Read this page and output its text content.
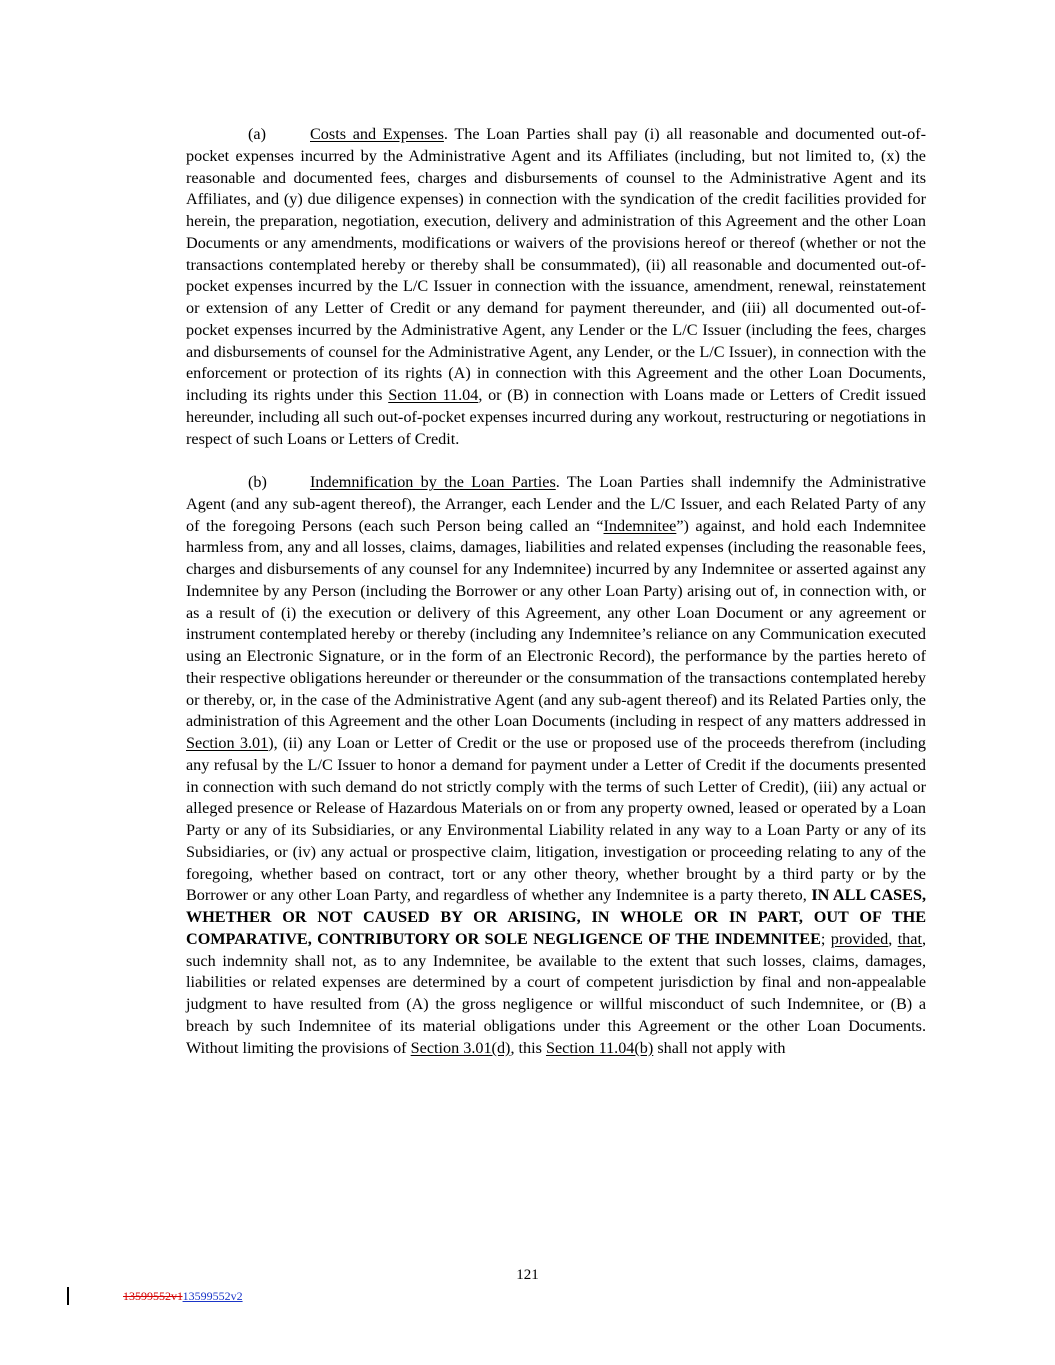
(a)	Costs and Expenses. The Loan Parties shall pay (i) all reasonable and documented out-of-pocket expenses incurred by the Administrative Agent and its Affiliates (including, but not limited to, (x) the reasonable and documented fees, charges and disbursements of counsel to the Administrative Agent and its Affiliates, and (y) due diligence expenses) in connection with the syndication of the credit facilities provided for herein, the preparation, negotiation, execution, delivery and administration of this Agreement and the other Loan Documents or any amendments, modifications or waivers of the provisions hereof or thereof (whether or not the transactions contemplated hereby or thereby shall be consummated), (ii) all reasonable and documented out-of-pocket expenses incurred by the L/C Issuer in connection with the issuance, amendment, renewal, reinstatement or extension of any Letter of Credit or any demand for payment thereunder, and (iii) all documented out-of-pocket expenses incurred by the Administrative Agent, any Lender or the L/C Issuer (including the fees, charges and disbursements of counsel for the Administrative Agent, any Lender, or the L/C Issuer), in connection with the enforcement or protection of its rights (A) in connection with this Agreement and the other Loan Documents, including its rights under this Section 11.04, or (B) in connection with Loans made or Letters of Credit issued hereunder, including all such out-of-pocket expenses incurred during any workout, restructuring or negotiations in respect of such Loans or Letters of Credit.

(b)	Indemnification by the Loan Parties. The Loan Parties shall indemnify the Administrative Agent (and any sub-agent thereof), the Arranger, each Lender and the L/C Issuer, and each Related Party of any of the foregoing Persons (each such Person being called an “Indemnitee”) against, and hold each Indemnitee harmless from, any and all losses, claims, damages, liabilities and related expenses (including the reasonable fees, charges and disbursements of any counsel for any Indemnitee) incurred by any Indemnitee or asserted against any Indemnitee by any Person (including the Borrower or any other Loan Party) arising out of, in connection with, or as a result of (i) the execution or delivery of this Agreement, any other Loan Document or any agreement or instrument contemplated hereby or thereby (including any Indemnitee’s reliance on any Communication executed using an Electronic Signature, or in the form of an Electronic Record), the performance by the parties hereto of their respective obligations hereunder or thereunder or the consummation of the transactions contemplated hereby or thereby, or, in the case of the Administrative Agent (and any sub-agent thereof) and its Related Parties only, the administration of this Agreement and the other Loan Documents (including in respect of any matters addressed in Section 3.01), (ii) any Loan or Letter of Credit or the use or proposed use of the proceeds therefrom (including any refusal by the L/C Issuer to honor a demand for payment under a Letter of Credit if the documents presented in connection with such demand do not strictly comply with the terms of such Letter of Credit), (iii) any actual or alleged presence or Release of Hazardous Materials on or from any property owned, leased or operated by a Loan Party or any of its Subsidiaries, or any Environmental Liability related in any way to a Loan Party or any of its Subsidiaries, or (iv) any actual or prospective claim, litigation, investigation or proceeding relating to any of the foregoing, whether based on contract, tort or any other theory, whether brought by a third party or by the Borrower or any other Loan Party, and regardless of whether any Indemnitee is a party thereto, IN ALL CASES, WHETHER OR NOT CAUSED BY OR ARISING, IN WHOLE OR IN PART, OUT OF THE COMPARATIVE, CONTRIBUTORY OR SOLE NEGLIGENCE OF THE INDEMNITEE; provided, that, such indemnity shall not, as to any Indemnitee, be available to the extent that such losses, claims, damages, liabilities or related expenses are determined by a court of competent jurisdiction by final and non-appealable judgment to have resulted from (A) the gross negligence or willful misconduct of such Indemnitee, or (B) a breach by such Indemnitee of its material obligations under this Agreement or the other Loan Documents. Without limiting the provisions of Section 3.01(d), this Section 11.04(b) shall not apply with

121
13599552v113599552v2
